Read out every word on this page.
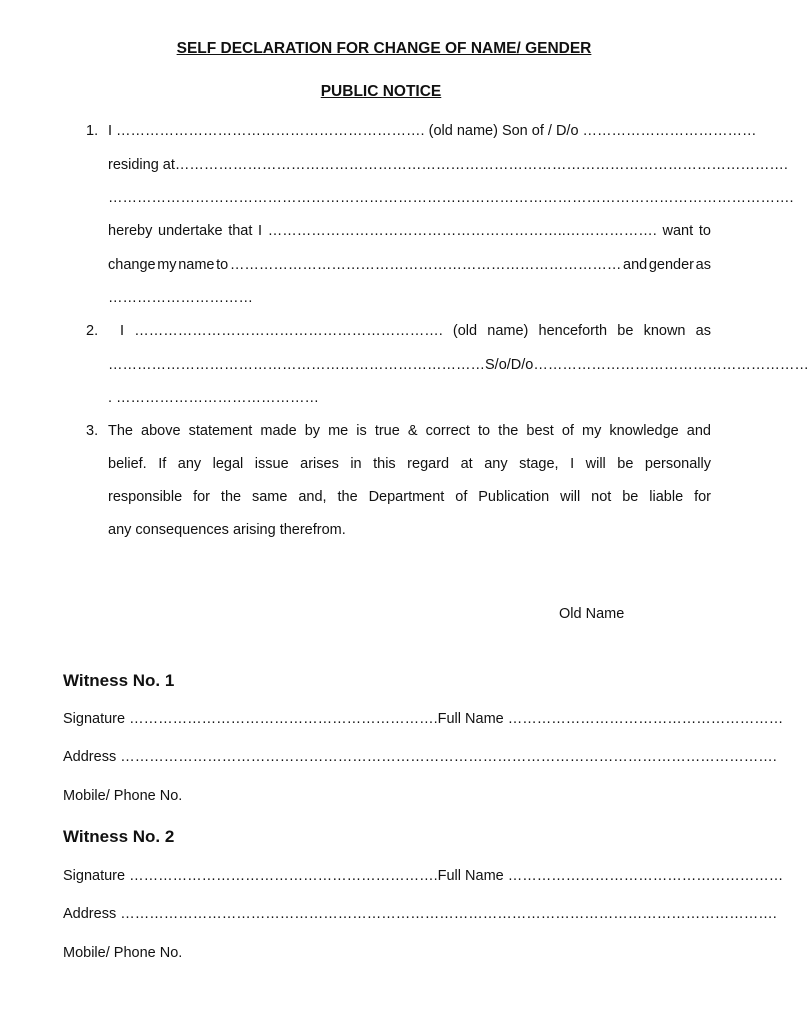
SELF DECLARATION FOR CHANGE OF NAME/ GENDER
PUBLIC NOTICE
1. I ………………………………………………………. (old name) Son of / D/o ………………………………
residing at……………………………………………………………………………………………………………….
…………………………………………………………………………………………………………………………….
hereby undertake that I ……………………………………………………..………………. want to
change my name to ……………………………………………………………………… and gender as
…………………………
2. I ………………………………………………………. (old name) henceforth be known as
……………………………………………………………………S/o/D/o…………………………………………………
. ……………………………………
3. The above statement made by me is true & correct to the best of my knowledge and
belief. If any legal issue arises in this regard at any stage, I will be personally
responsible for the same and, the Department of Publication will not be liable for
any consequences arising therefrom.
Old Name
Witness No. 1
Signature ………………………………………………………. Full Name …………………………………………………
Address ……………………………………………………………………………………………………………………….
Mobile/ Phone No.
Witness No. 2
Signature ………………………………………………………. Full Name …………………………………………………
Address ……………………………………………………………………………………………………………………….
Mobile/ Phone No.
